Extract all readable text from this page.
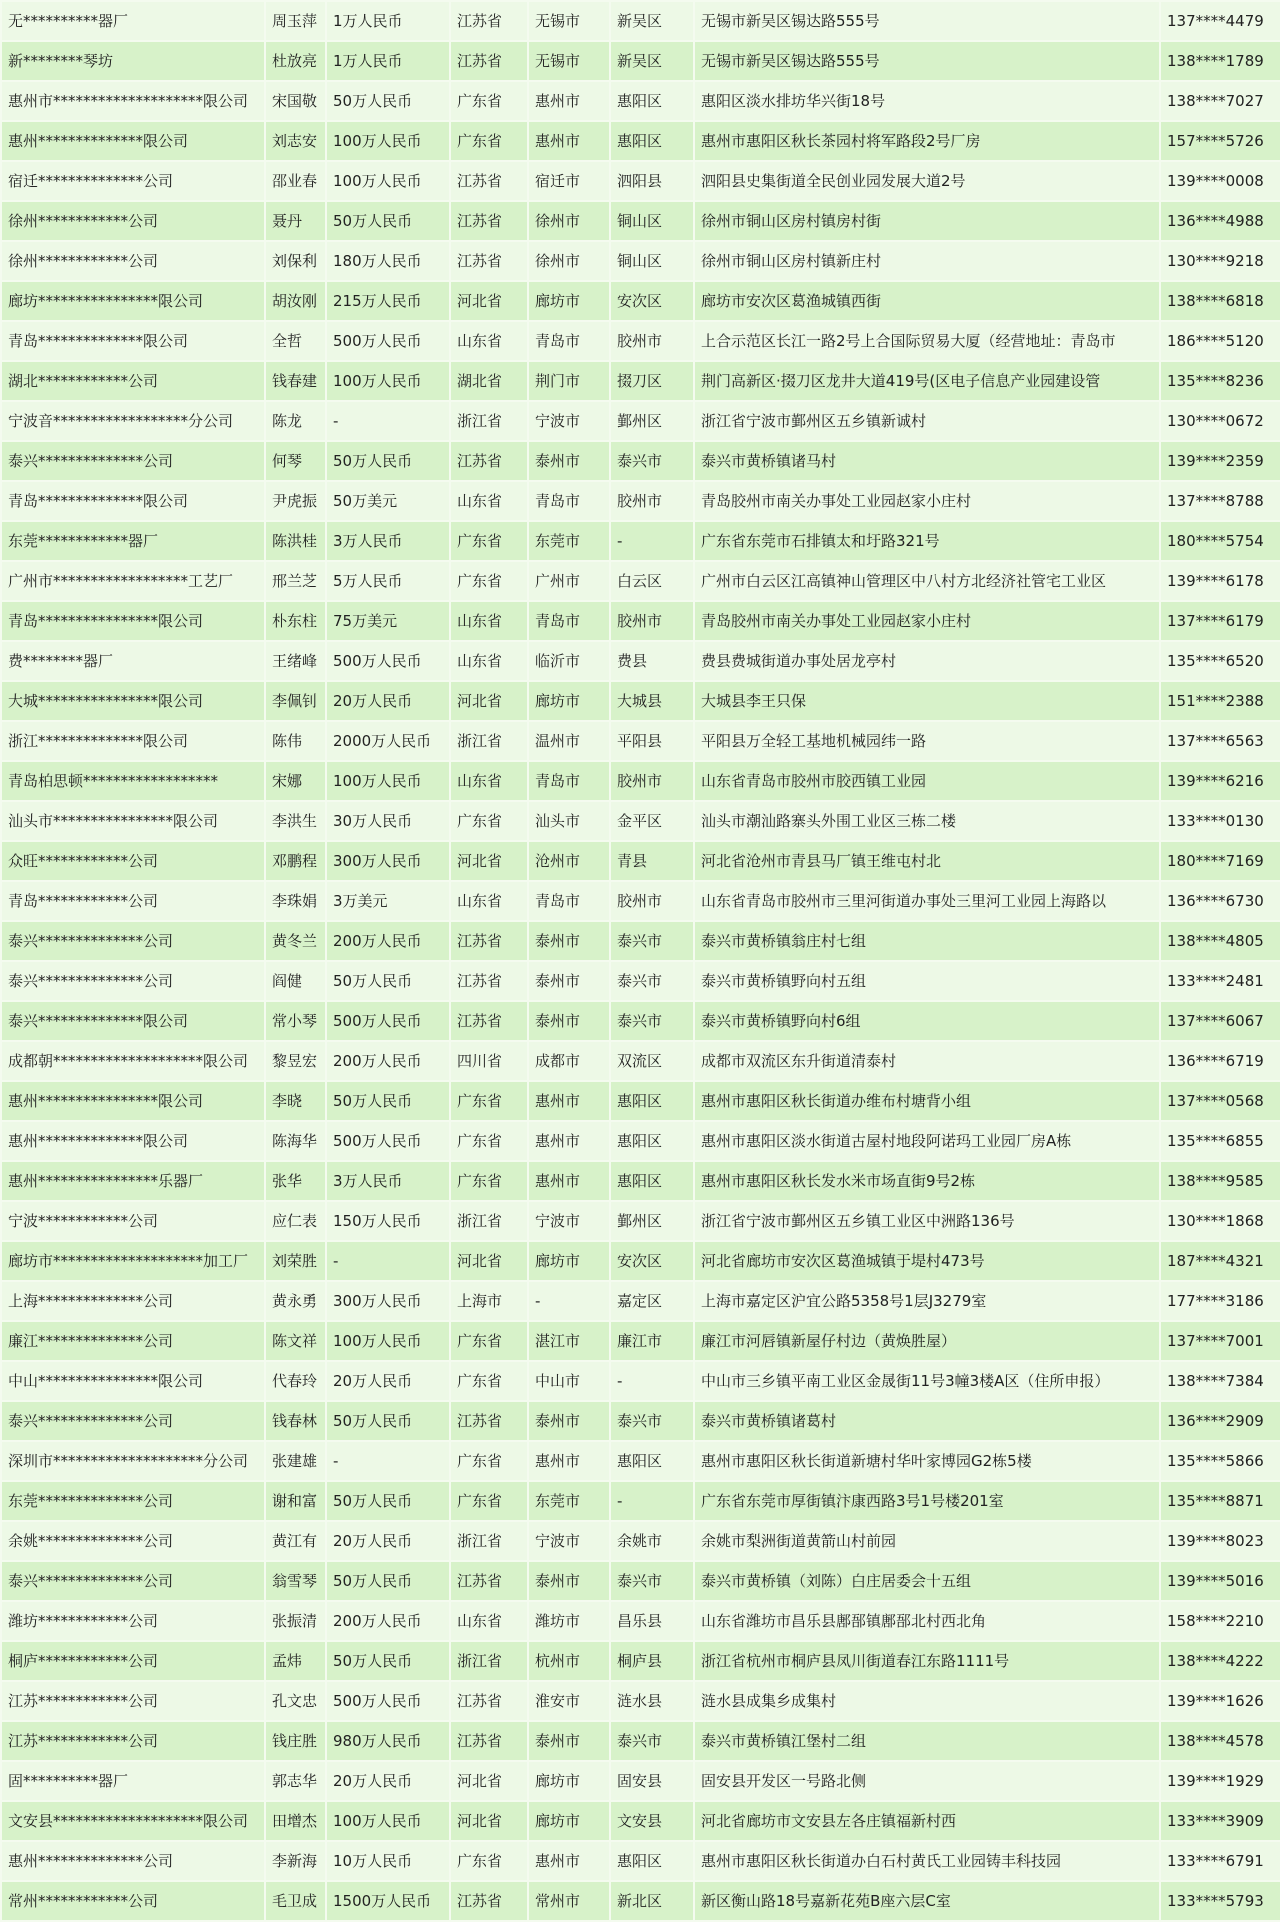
无**********器厂	周玉萍	1万人民币	江苏省	无锡市	新吴区	无锡市新吴区锡达路555号	137****4479
新********琴坊	杜放亮	1万人民币	江苏省	无锡市	新吴区	无锡市新吴区锡达路555号	138****1789
惠州市********************限公司	宋国敬	50万人民币	广东省	惠州市	惠阳区	惠阳区淡水排坊华兴街18号	138****7027
惠州**************限公司	刘志安	100万人民币	广东省	惠州市	惠阳区	惠州市惠阳区秋长茶园村将军路段2号厂房	157****5726
宿迁**************公司	邵业春	100万人民币	江苏省	宿迁市	泗阳县	泗阳县史集街道全民创业园发展大道2号	139****0008
徐州************公司	聂丹	50万人民币	江苏省	徐州市	铜山区	徐州市铜山区房村镇房村街	136****4988
徐州************公司	刘保利	180万人民币	江苏省	徐州市	铜山区	徐州市铜山区房村镇新庄村	130****9218
廊坊****************限公司	胡汝刚	215万人民币	河北省	廊坊市	安次区	廊坊市安次区葛渔城镇西街	138****6818
青岛**************限公司	全哲	500万人民币	山东省	青岛市	胶州市	上合示范区长江一路2号上合国际贸易大厦（经营地址：青岛市	186****5120
湖北************公司	钱春建	100万人民币	湖北省	荆门市	掇刀区	荆门高新区·掇刀区龙井大道419号(区电子信息产业园建设管	135****8236
宁波音******************分公司	陈龙	-	浙江省	宁波市	鄞州区	浙江省宁波市鄞州区五乡镇新诚村	130****0672
泰兴**************公司	何琴	50万人民币	江苏省	泰州市	泰兴市	泰兴市黄桥镇诸马村	139****2359
青岛**************限公司	尹虎振	50万美元	山东省	青岛市	胶州市	青岛胶州市南关办事处工业园赵家小庄村	137****8788
东莞************器厂	陈洪桂	3万人民币	广东省	东莞市	-	广东省东莞市石排镇太和圩路321号	180****5754
广州市******************工艺厂	邢兰芝	5万人民币	广东省	广州市	白云区	广州市白云区江高镇神山管理区中八村方北经济社管宅工业区	139****6178
青岛****************限公司	朴东柱	75万美元	山东省	青岛市	胶州市	青岛胶州市南关办事处工业园赵家小庄村	137****6179
费********器厂	王绪峰	500万人民币	山东省	临沂市	费县	费县费城街道办事处居龙亭村	135****6520
大城****************限公司	李佩钊	20万人民币	河北省	廊坊市	大城县	大城县李王只保	151****2388
浙江**************限公司	陈伟	2000万人民币	浙江省	温州市	平阳县	平阳县万全轻工基地机械园纬一路	137****6563
青岛柏思顿******************	宋娜	100万人民币	山东省	青岛市	胶州市	山东省青岛市胶州市胶西镇工业园	139****6216
汕头市****************限公司	李洪生	30万人民币	广东省	汕头市	金平区	汕头市潮汕路寨头外围工业区三栋二楼	133****0130
众旺************公司	邓鹏程	300万人民币	河北省	沧州市	青县	河北省沧州市青县马厂镇王维屯村北	180****7169
青岛************公司	李珠娟	3万美元	山东省	青岛市	胶州市	山东省青岛市胶州市三里河街道办事处三里河工业园上海路以	136****6730
泰兴**************公司	黄冬兰	200万人民币	江苏省	泰州市	泰兴市	泰兴市黄桥镇翁庄村七组	138****4805
泰兴**************公司	阎健	50万人民币	江苏省	泰州市	泰兴市	泰兴市黄桥镇野向村五组	133****2481
泰兴**************限公司	常小琴	500万人民币	江苏省	泰州市	泰兴市	泰兴市黄桥镇野向村6组	137****6067
成都朝********************限公司	黎昱宏	200万人民币	四川省	成都市	双流区	成都市双流区东升街道清泰村	136****6719
惠州****************限公司	李晓	50万人民币	广东省	惠州市	惠阳区	惠州市惠阳区秋长街道办维布村塘背小组	137****0568
惠州**************限公司	陈海华	500万人民币	广东省	惠州市	惠阳区	惠州市惠阳区淡水街道古屋村地段阿诺玛工业园厂房A栋	135****6855
惠州****************乐器厂	张华	3万人民币	广东省	惠州市	惠阳区	惠州市惠阳区秋长发水米市场直街9号2栋	138****9585
宁波************公司	应仁表	150万人民币	浙江省	宁波市	鄞州区	浙江省宁波市鄞州区五乡镇工业区中洲路136号	130****1868
廊坊市********************加工厂	刘荣胜	-	河北省	廊坊市	安次区	河北省廊坊市安次区葛渔城镇于堤村473号	187****4321
上海**************公司	黄永勇	300万人民币	上海市	-	嘉定区	上海市嘉定区沪宜公路5358号1层J3279室	177****3186
廉江**************公司	陈文祥	100万人民币	广东省	湛江市	廉江市	廉江市河唇镇新屋仔村边（黄焕胜屋）	137****7001
中山****************限公司	代春玲	20万人民币	广东省	中山市	-	中山市三乡镇平南工业区金晟街11号3幢3楼A区（住所申报）	138****7384
泰兴**************公司	钱春林	50万人民币	江苏省	泰州市	泰兴市	泰兴市黄桥镇诸葛村	136****2909
深圳市********************分公司	张建雄	-	广东省	惠州市	惠阳区	惠州市惠阳区秋长街道新塘村华叶家博园G2栋5楼	135****5866
东莞**************公司	谢和富	50万人民币	广东省	东莞市	-	广东省东莞市厚街镇汴康西路3号1号楼201室	135****8871
余姚**************公司	黄江有	20万人民币	浙江省	宁波市	余姚市	余姚市梨洲街道黄箭山村前园	139****8023
泰兴**************公司	翁雪琴	50万人民币	江苏省	泰州市	泰兴市	泰兴市黄桥镇（刘陈）白庄居委会十五组	139****5016
潍坊************公司	张振清	200万人民币	山东省	潍坊市	昌乐县	山东省潍坊市昌乐县鄌郚镇鄌郚北村西北角	158****2210
桐庐************公司	孟炜	50万人民币	浙江省	杭州市	桐庐县	浙江省杭州市桐庐县凤川街道春江东路1111号	138****4222
江苏************公司	孔文忠	500万人民币	江苏省	淮安市	涟水县	涟水县成集乡成集村	139****1626
江苏************公司	钱庄胜	980万人民币	江苏省	泰州市	泰兴市	泰兴市黄桥镇江堡村二组	138****4578
固**********器厂	郭志华	20万人民币	河北省	廊坊市	固安县	固安县开发区一号路北侧	139****1929
文安县********************限公司	田增杰	100万人民币	河北省	廊坊市	文安县	河北省廊坊市文安县左各庄镇福新村西	133****3909
惠州**************公司	李新海	10万人民币	广东省	惠州市	惠阳区	惠州市惠阳区秋长街道办白石村黄氏工业园铸丰科技园	133****6791
常州************公司	毛卫成	1500万人民币	江苏省	常州市	新北区	新区衡山路18号嘉新花苑B座六层C室	133****5793
